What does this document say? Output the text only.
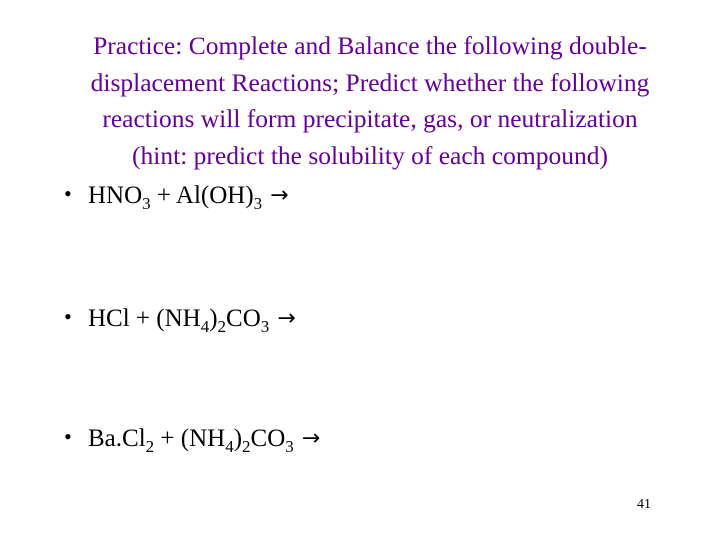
Practice: Complete and Balance the following double-
displacement Reactions; Predict whether the following
reactions will form precipitate, gas, or neutralization
(hint: predict the solubility of each compound)
• $HNO_3 + Al(OH)_3$ →
• HCl + $(NH_4)_2CO_3$ →
• $Ba.Cl_2 + (NH_4)_2CO_3$ →
41
